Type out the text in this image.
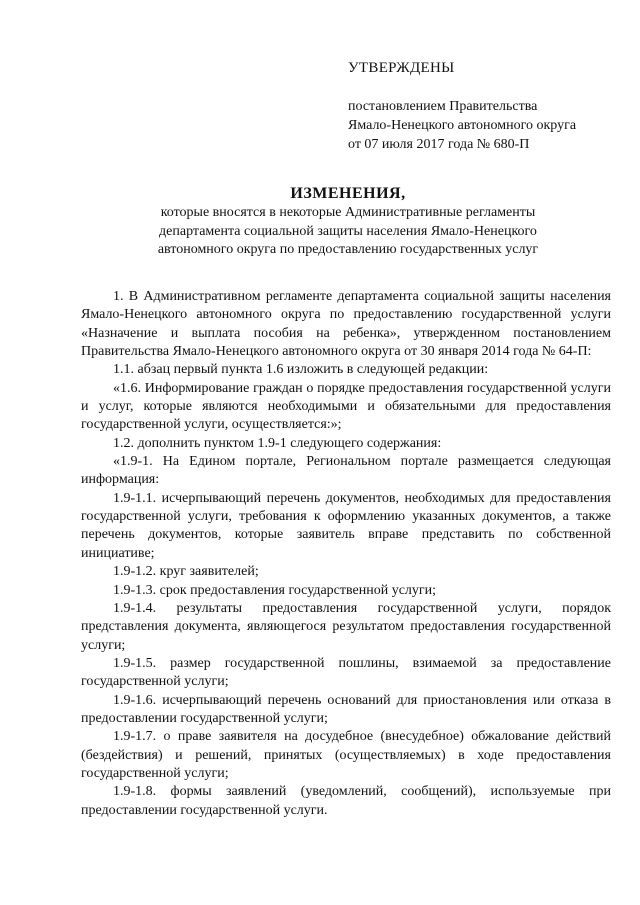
УТВЕРЖДЕНЫ
постановлением Правительства
Ямало-Ненецкого автономного округа
от 07 июля 2017 года № 680-П
ИЗМЕНЕНИЯ,
которые вносятся в некоторые Административные регламенты
департамента социальной защиты населения Ямало-Ненецкого
автономного округа по предоставлению государственных услуг

1. В Административном регламенте департамента социальной защиты населения Ямало-Ненецкого автономного округа по предоставлению государственной услуги «Назначение и выплата пособия на ребенка», утвержденном постановлением Правительства Ямало-Ненецкого автономного округа от 30 января 2014 года № 64-П:

1.1. абзац первый пункта 1.6 изложить в следующей редакции:

«1.6. Информирование граждан о порядке предоставления государственной услуги и услуг, которые являются необходимыми и обязательными для предоставления государственной услуги, осуществляется:»;

1.2. дополнить пунктом 1.9-1 следующего содержания:

«1.9-1. На Едином портале, Региональном портале размещается следующая информация:

1.9-1.1. исчерпывающий перечень документов, необходимых для предоставления государственной услуги, требования к оформлению указанных документов, а также перечень документов, которые заявитель вправе представить по собственной инициативе;

1.9-1.2. круг заявителей;

1.9-1.3. срок предоставления государственной услуги;

1.9-1.4. результаты предоставления государственной услуги, порядок представления документа, являющегося результатом предоставления государственной услуги;

1.9-1.5. размер государственной пошлины, взимаемой за предоставление государственной услуги;

1.9-1.6. исчерпывающий перечень оснований для приостановления или отказа в предоставлении государственной услуги;

1.9-1.7. о праве заявителя на досудебное (внесудебное) обжалование действий (бездействия) и решений, принятых (осуществляемых) в ходе предоставления государственной услуги;

1.9-1.8. формы заявлений (уведомлений, сообщений), используемые при предоставлении государственной услуги.
